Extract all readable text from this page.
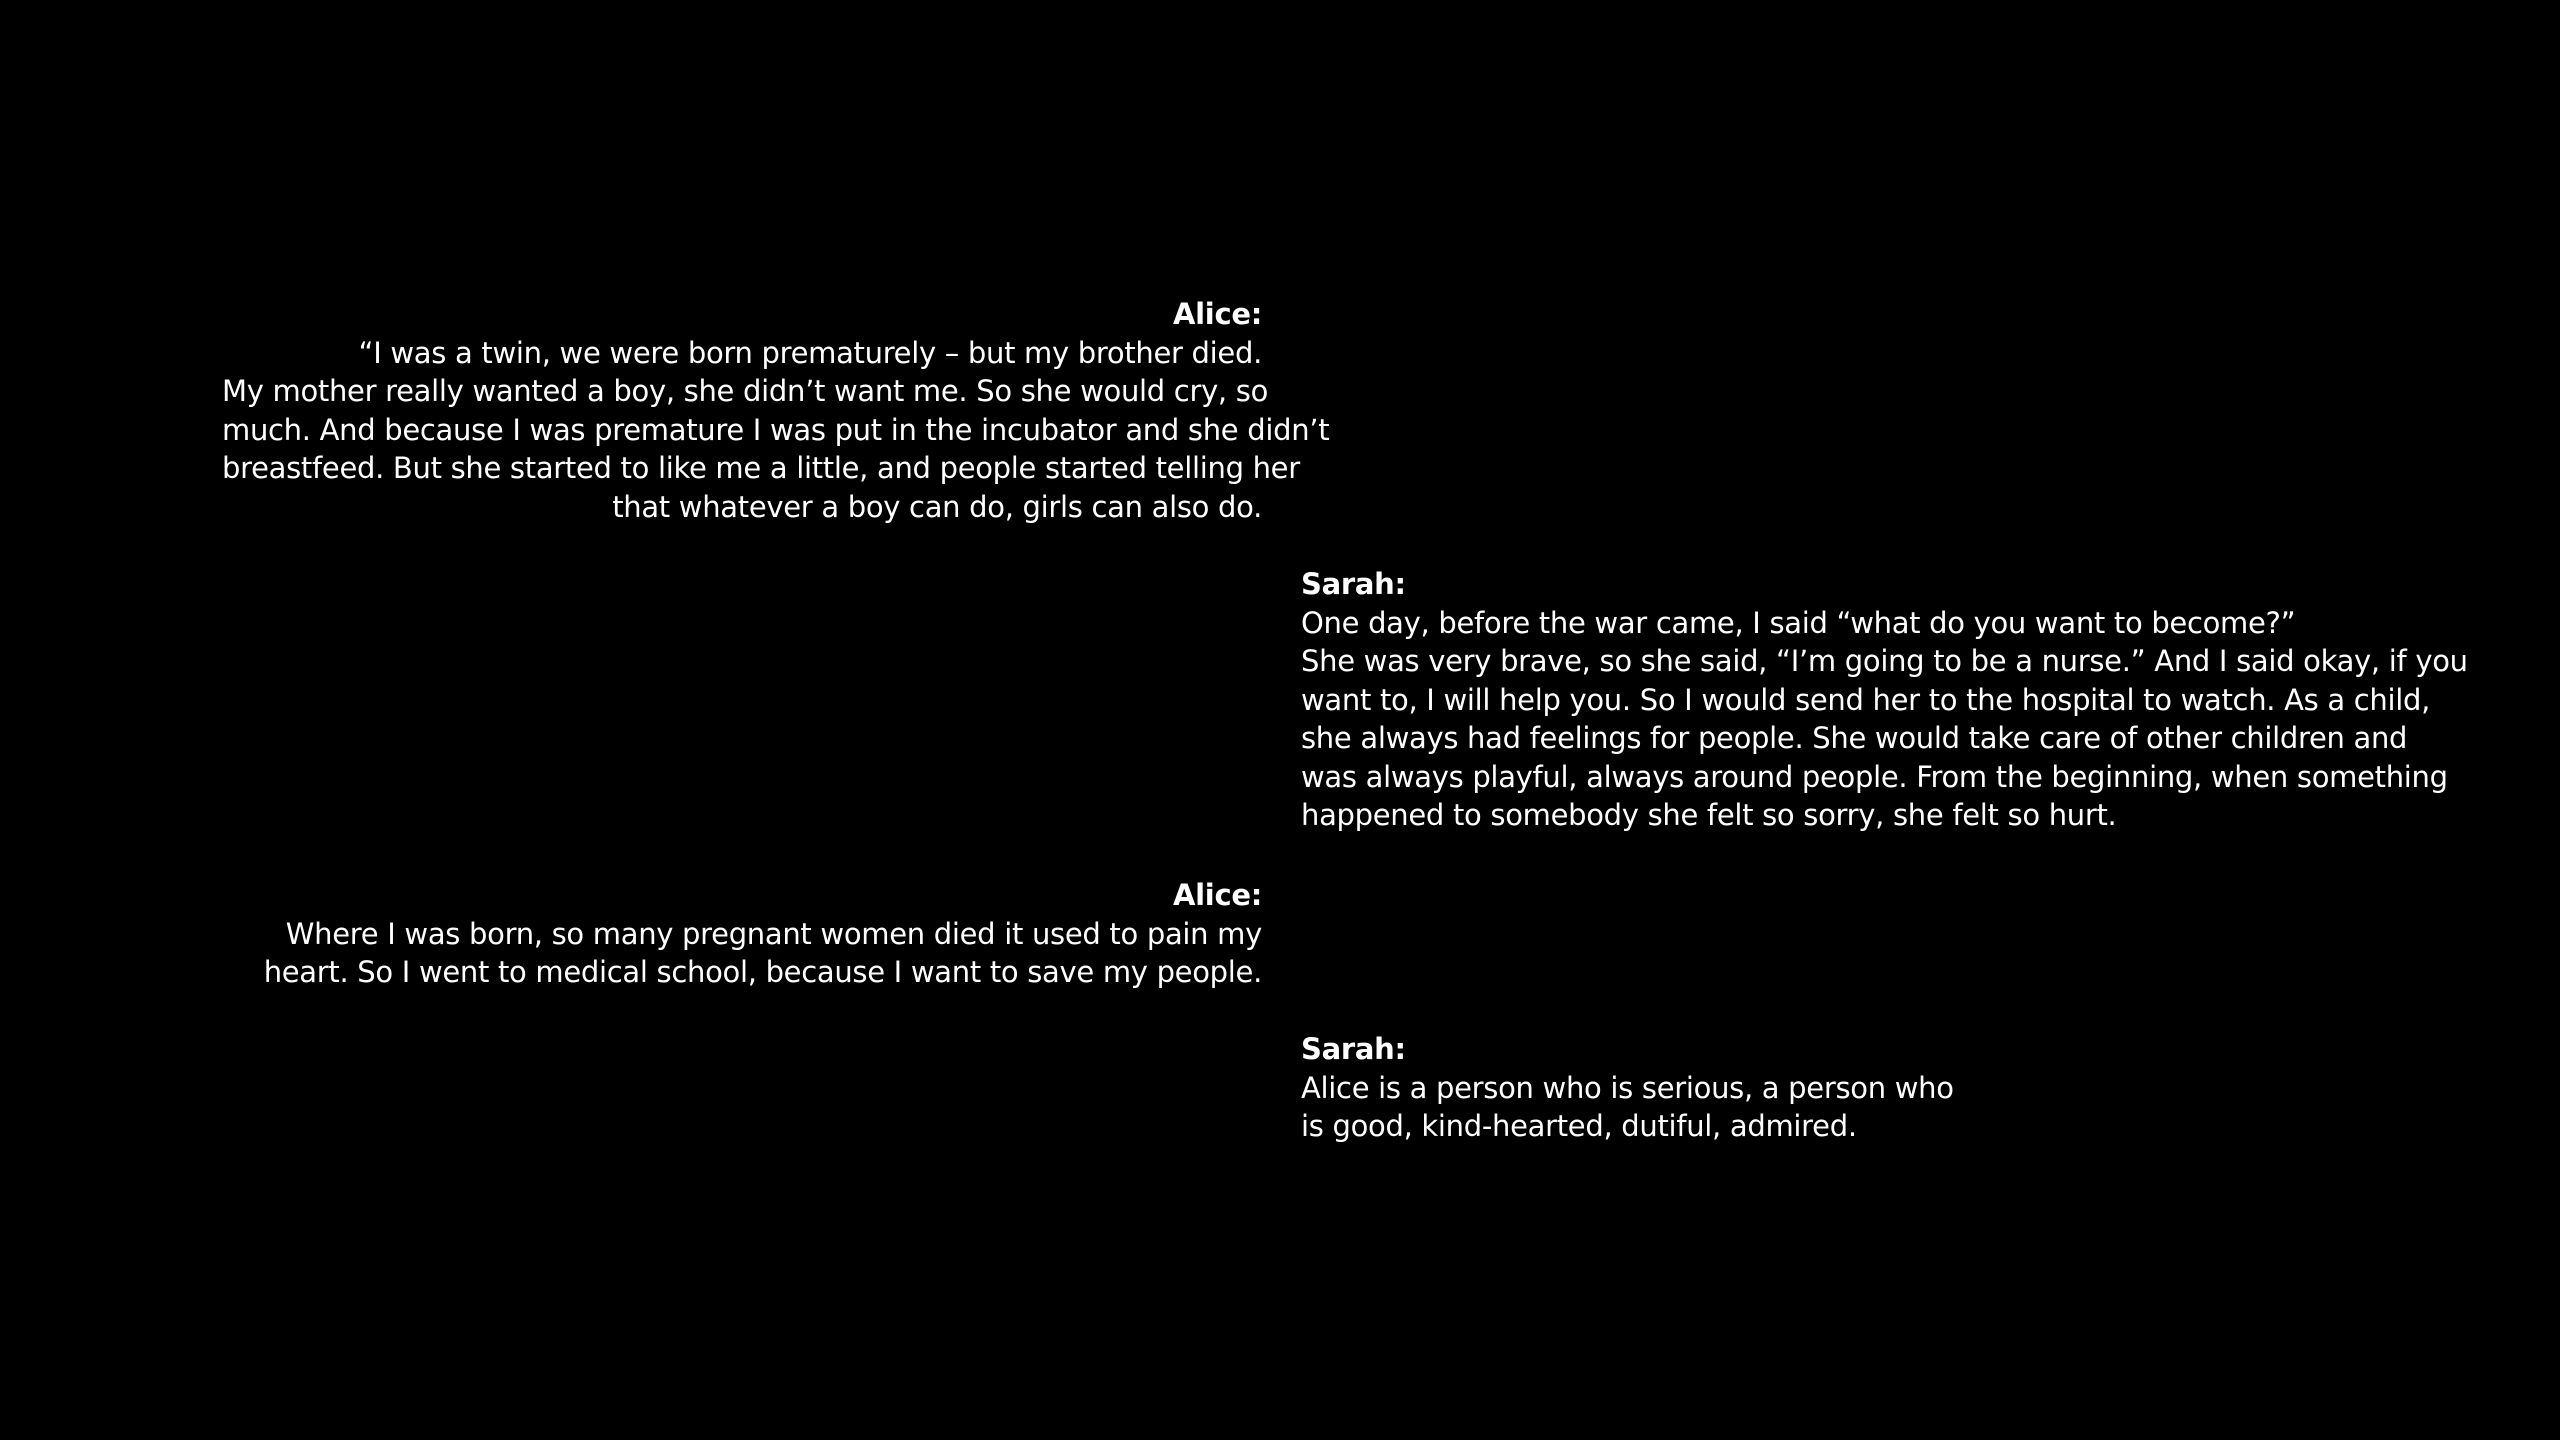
Alice:
“I was a twin, we were born prematurely – but my brother died.
My mother really wanted a boy, she didn’t want me. So she would cry, so
much. And because I was premature I was put in the incubator and she didn’t
breastfeed. But she started to like me a little, and people started telling her
that whatever a boy can do, girls can also do.
Sarah:
One day, before the war came, I said “what do you want to become?”
She was very brave, so she said, “I’m going to be a nurse.” And I said okay, if you
want to, I will help you. So I would send her to the hospital to watch. As a child,
she always had feelings for people. She would take care of other children and
was always playful, always around people. From the beginning, when something
happened to somebody she felt so sorry, she felt so hurt.
Alice:
Where I was born, so many pregnant women died it used to pain my
heart. So I went to medical school, because I want to save my people.
Sarah:
Alice is a person who is serious, a person who
is good, kind-hearted, dutiful, admired.
